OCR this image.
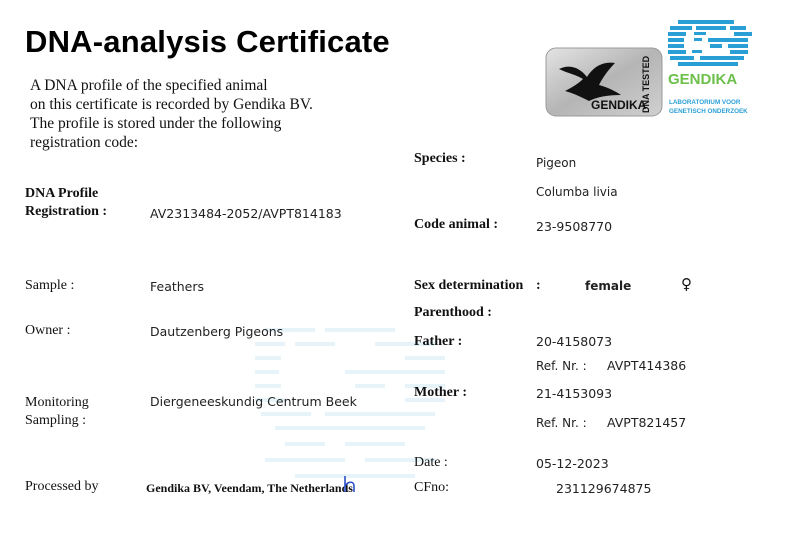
DNA-analysis Certificate
A DNA profile of the specified animal
on this certificate is recorded by Gendika BV.
The profile is stored under the following
registration code:
GENDIKA
DNA TESTED GENDIKA
LABORATORIUM VOOR
GENETISCH ONDERZOEK
DNA Profile
Registration :	AV2313484-2052/AVPT814183
Sample :	Feathers
Owner :	Dautzenberg Pigeons
Monitoring
Sampling :
Diergeneeskundig Centrum Beek
Processed by	Gendika BV, Veendam, The Netherlands
Species :	Pigeon
Columba livia
Code animal :	23-9508770
Sex determination :	female	♀
Parenthood :
Father :	20-4158073
Ref. Nr. : AVPT414386
Mother :	21-4153093
Ref. Nr. : AVPT821457
Date :	05-12-2023
CFno:	231129674875
